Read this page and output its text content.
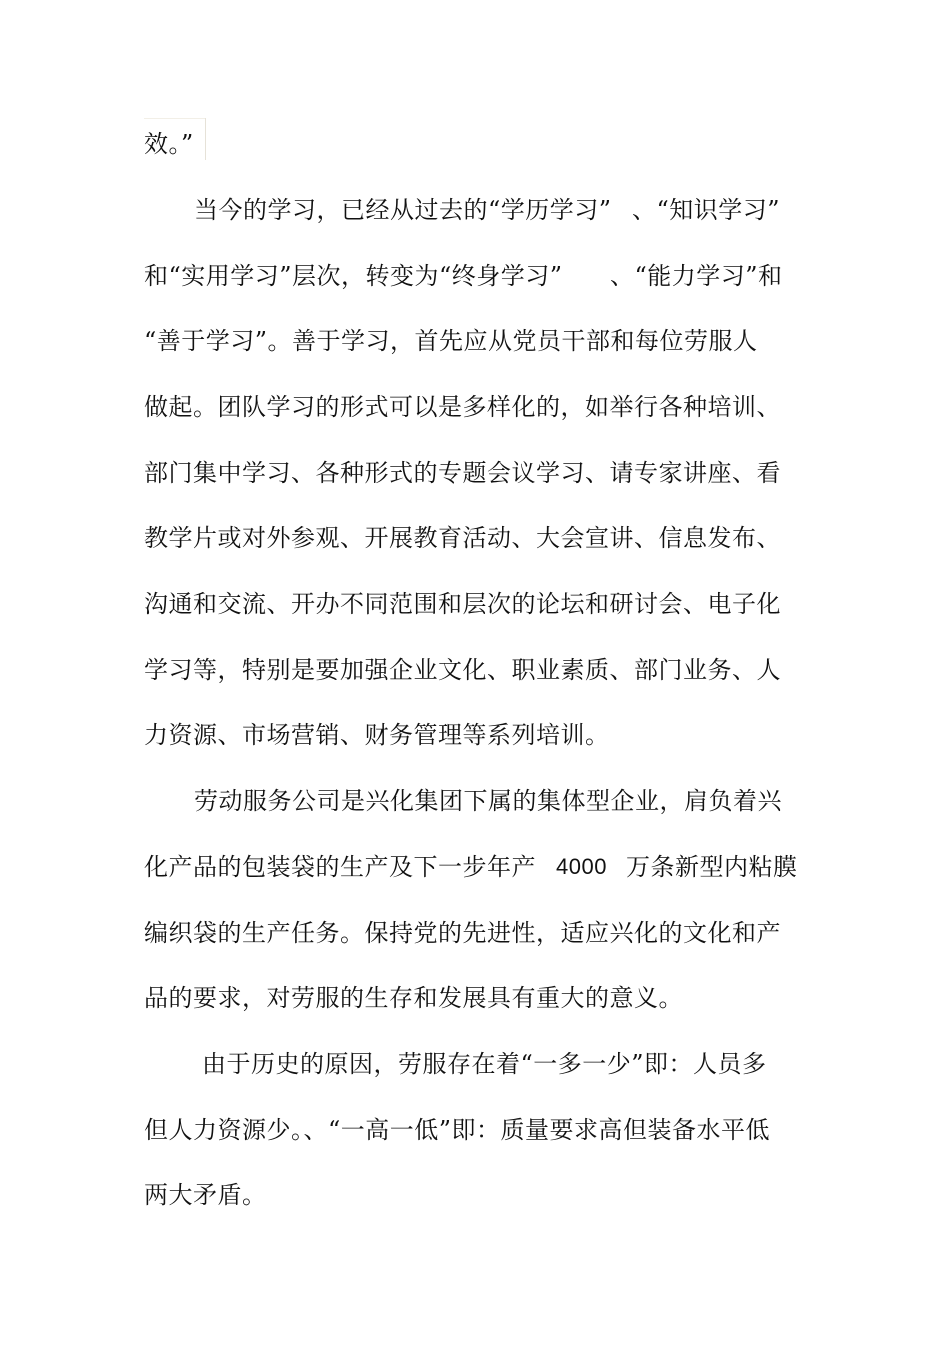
效。”
当今的学习，已经从过去的“学历学习” 、“知识学习”
和“实用学习”层次，转变为“终身学习” 、“能力学习”和
“善于学习”。善于学习，首先应从党员干部和每位劳服人
做起。团队学习的形式可以是多样化的，如举行各种培训、
部门集中学习、各种形式的专题会议学习、请专家讲座、看
教学片或对外参观、开展教育活动、大会宣讲、信息发布、
沟通和交流、开办不同范围和层次的论坛和研讨会、电子化
学习等，特别是要加强企业文化、职业素质、部门业务、人
力资源、市场营销、财务管理等系列培训。
劳动服务公司是兴化集团下属的集体型企业，肩负着兴
化产品的包装袋的生产及下一步年产 4000 万条新型内粘膜
编织袋的生产任务。保持党的先进性，适应兴化的文化和产
品的要求，对劳服的生存和发展具有重大的意义。
由于历史的原因，劳服存在着“一多一少”即：人员多
但人力资源少。、“一高一低”即：质量要求高但装备水平低
两大矛盾。
